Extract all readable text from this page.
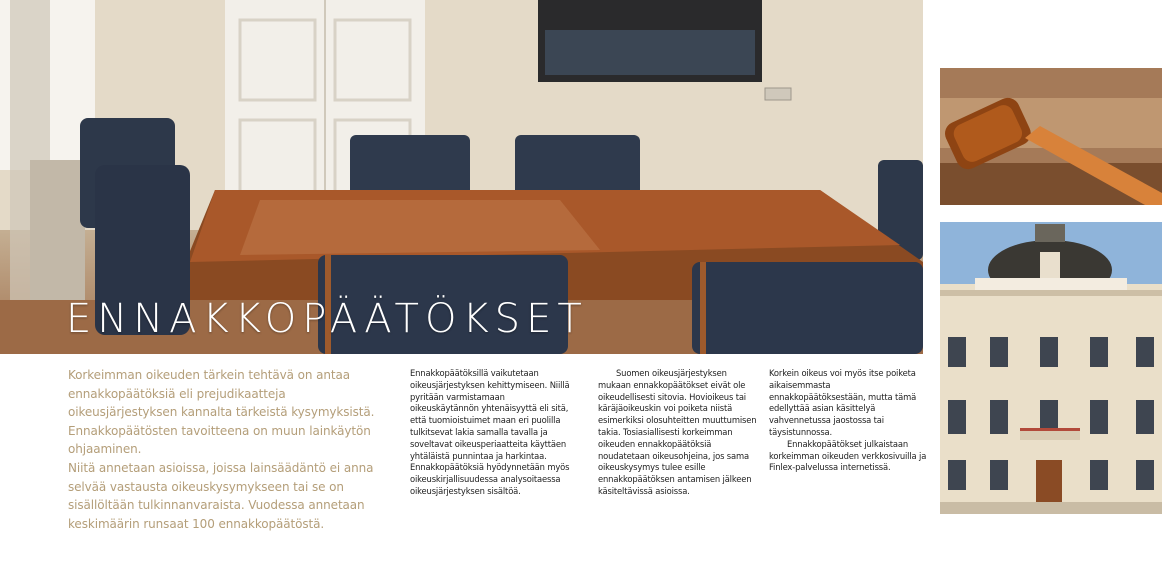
ENNAKKOPÄÄTÖKSET

Korkeimman oikeuden tärkein tehtävä on antaa ennakkopäätöksiä eli prejudikaatteja oikeusjärjestyksen kannalta tärkeistä kysymyksistä. Ennakkopäätösten tavoitteena on muun lainkäytön ohjaaminen.

Niitä annetaan asioissa, joissa lainsäädäntö ei anna selvää vastausta oikeuskysymykseen tai se on sisällöltään tulkinnanvaraista. Vuodessa annetaan keskimäärin runsaat 100 ennakkopäätöstä.

Ennakkopäätöksillä vaikutetaan oikeusjärjestyksen kehittymiseen. Niillä pyritään varmistamaan oikeuskäytännön yhtenäisyyttä eli sitä, että tuomioistuimet maan eri puolilla tulkitsevat lakia samalla tavalla ja soveltavat oikeusperiaatteita käyttäen yhtäläistä punnintaa ja harkintaa. Ennakkopäätöksiä hyödynnetään myös oikeuskirjallisuudessa analysoitaessa oikeusjärjestyksen sisältöä.

Suomen oikeusjärjestyksen mukaan ennakkopäätökset eivät ole oikeudellisesti sitovia. Hovioikeus tai käräjäoikeuskin voi poiketa niistä esimerkiksi olosuhteitten muuttumisen takia. Tosiasiallisesti korkeimman oikeuden ennakkopäätöksiä noudatetaan oikeusohjeina, jos sama oikeuskysymys tulee esille ennakkopäätöksen antamisen jälkeen käsiteltävissä asioissa.

Korkein oikeus voi myös itse poiketa aikaisemmasta ennakkopäätöksestään, mutta tämä edellyttää asian käsittelyä vahvennetussa jaostossa tai täysistunnossa.

Ennakkopäätökset julkaistaan korkeimman oikeuden verkkosivuilla ja Finlex-palvelussa internetissä.
